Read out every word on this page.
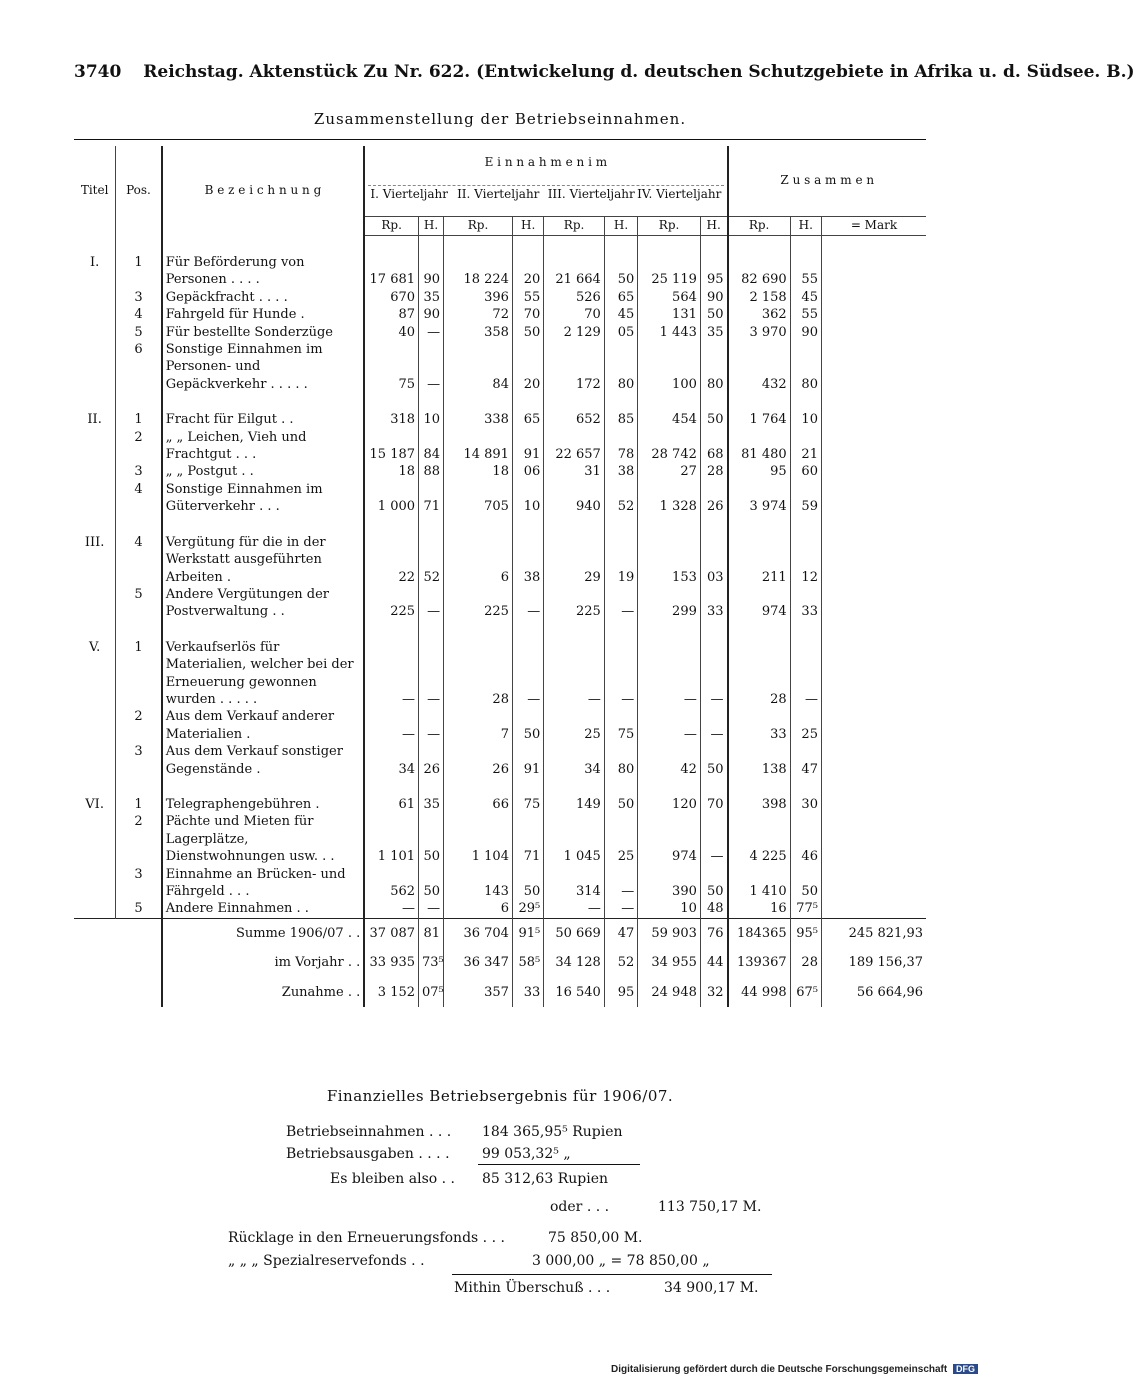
3740 Reichstag. Aktenstück Zu Nr. 622. (Entwickelung d. deutschen Schutzgebiete in Afrika u. d. Südsee. B.)
Zusammenstellung der Betriebseinnahmen.
Titel	Pos.	B e z e i c h n u n g	E i n n a h m e n i m
I. Vierteljahr II. Vierteljahr III. Vierteljahr IV. Vierteljahr								Z u s a m m e n		
			Rp.	H.	Rp.	H.	Rp.	H.	Rp.	H.	Rp.	H.	= Mark

I.	1	Für Beförderung von Personen . . . .	17 681	90	18 224	20	21 664	50	25 119	95	82 690	55	
	3	Gepäckfracht . . . .	670	35	396	55	526	65	564	90	2 158	45	
	4	Fahrgeld für Hunde .	87	90	72	70	70	45	131	50	362	55	
	5	Für bestellte Sonderzüge	40	—	358	50	2 129	05	1 443	35	3 970	90	
	6	Sonstige Einnahmen im Personen- und Gepäckverkehr . . . . .	75	—	84	20	172	80	100	80	432	80	

II.	1	Fracht für Eilgut . .	318	10	338	65	652	85	454	50	1 764	10	
	2	„ „ Leichen, Vieh und Frachtgut . . .	15 187	84	14 891	91	22 657	78	28 742	68	81 480	21	
	3	„ „ Postgut . .	18	88	18	06	31	38	27	28	95	60	
	4	Sonstige Einnahmen im Güterverkehr . . .	1 000	71	705	10	940	52	1 328	26	3 974	59	

III.	4	Vergütung für die in der Werkstatt ausgeführten Arbeiten .	22	52	6	38	29	19	153	03	211	12	
	5	Andere Vergütungen der Postverwaltung . .	225	—	225	—	225	—	299	33	974	33	

V.	1	Verkaufserlös für Materialien, welcher bei der Erneuerung gewonnen wurden . . . . .	—	—	28	—	—	—	—	—	28	—	
	2	Aus dem Verkauf anderer Materialien .	—	—	7	50	25	75	—	—	33	25	
	3	Aus dem Verkauf sonstiger Gegenstände .	34	26	26	91	34	80	42	50	138	47	

VI.	1	Telegraphengebühren .	61	35	66	75	149	50	120	70	398	30	
	2	Pächte und Mieten für Lagerplätze, Dienstwohnungen usw. . .	1 101	50	1 104	71	1 045	25	974	—	4 225	46	
	3	Einnahme an Brücken- und Fährgeld . . .	562	50	143	50	314	—	390	50	1 410	50	
	5	Andere Einnahmen . .	—	—	6	29⁵	—	—	10	48	16	77⁵	
		Summe 1906/07 . .	37 087	81	36 704	91⁵	50 669	47	59 903	76	184365	95⁵	245 821,93
		im Vorjahr . .	33 935	73⁵	36 347	58⁵	34 128	52	34 955	44	139367	28	189 156,37
		Zunahme . .	3 152	07⁵	357	33	16 540	95	24 948	32	44 998	67⁵	56 664,96
Finanzielles Betriebsergebnis für 1906/07.
Betriebseinnahmen . . . 184 365,95⁵ Rupien
Betriebsausgaben . . . . 99 053,32⁵ „
Es bleiben also . . 85 312,63 Rupien
oder . . .	113 750,17 M.
Rücklage in den Erneuerungsfonds . . .	75 850,00 M.
„ „ „ Spezialreservefonds . .	3 000,00 „ = 78 850,00 „
Mithin Überschuß . . .	34 900,17 M.
Digitalisierung gefördert durch die Deutsche Forschungsgemeinschaft DFG
